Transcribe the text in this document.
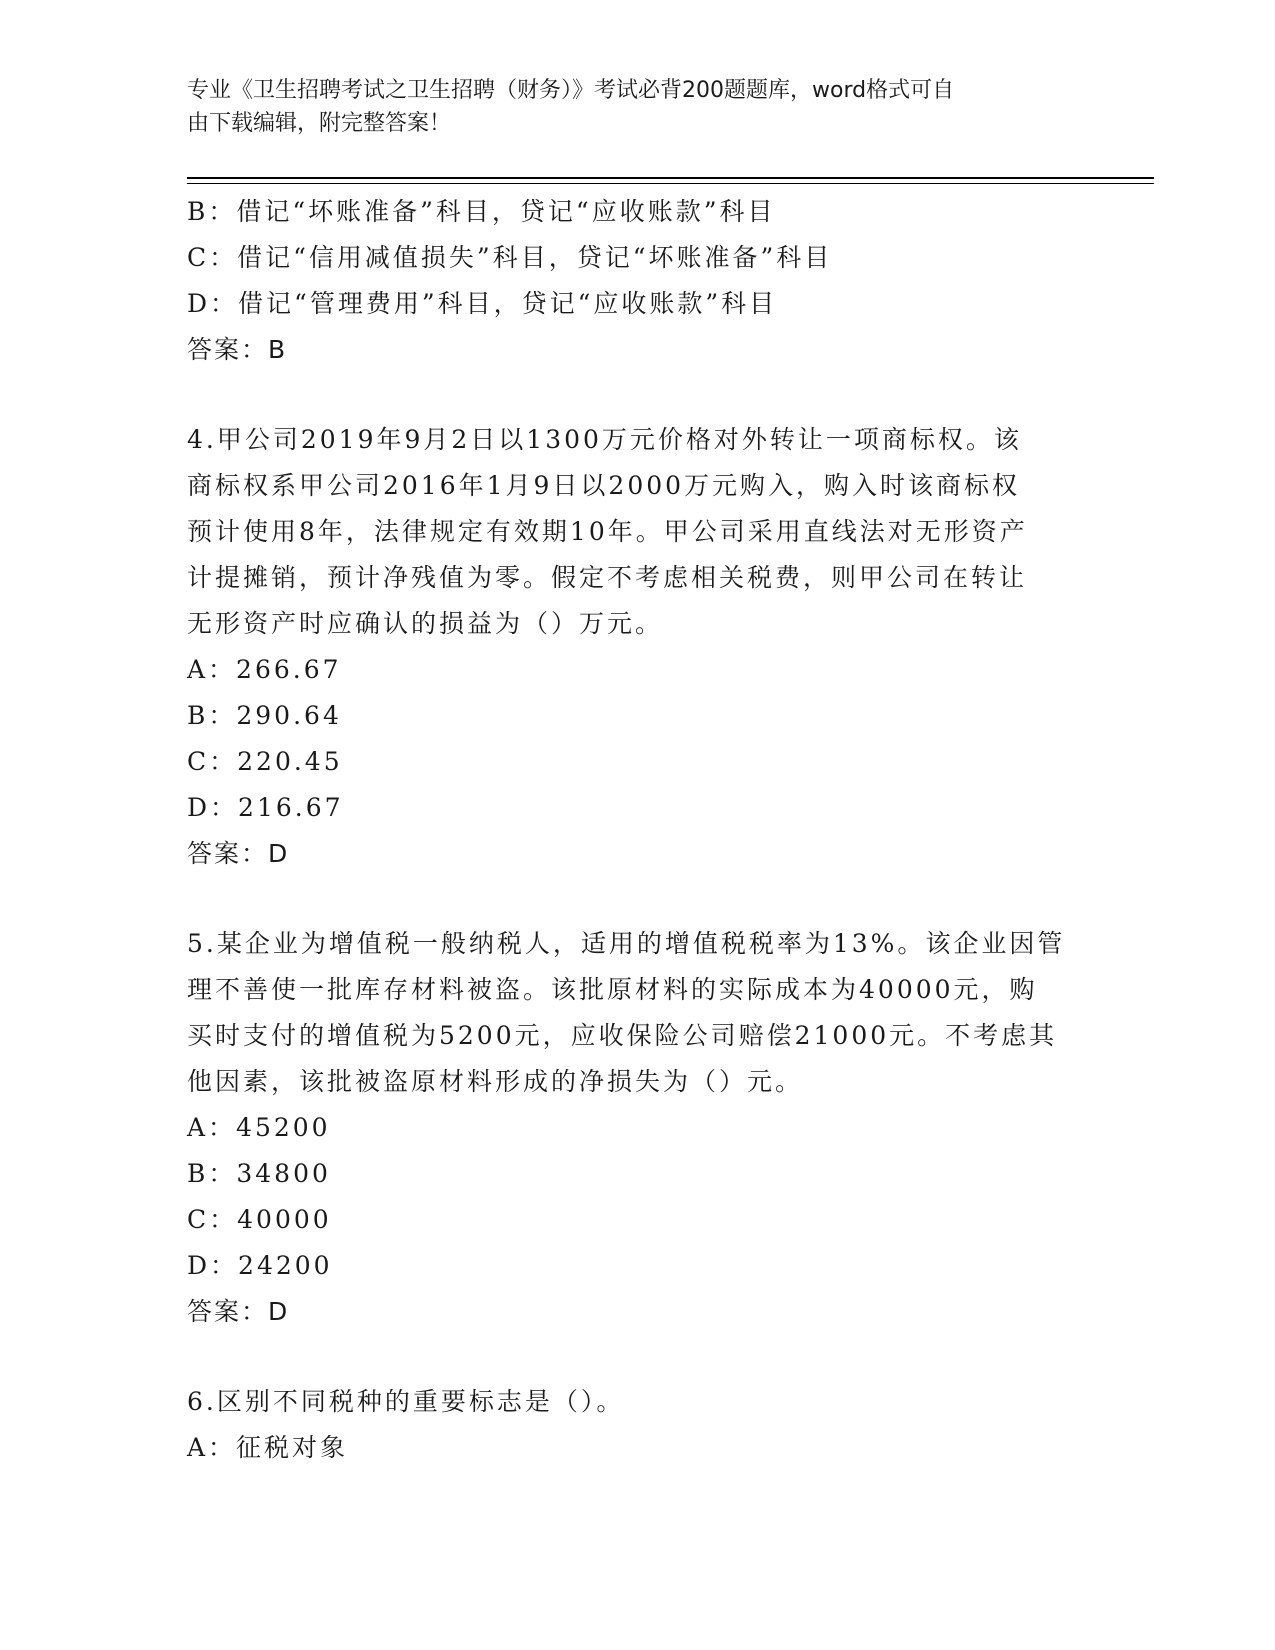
专业《卫生招聘考试之卫生招聘（财务）》考试必背200题题库，word格式可自
由下载编辑，附完整答案！
B：借记“坏账准备”科目，贷记“应收账款”科目
C：借记“信用减值损失”科目，贷记“坏账准备”科目
D：借记“管理费用”科目，贷记“应收账款”科目
答案：B
4.甲公司2019年9月2日以1300万元价格对外转让一项商标权。该
商标权系甲公司2016年1月9日以2000万元购入，购入时该商标权
预计使用8年，法律规定有效期10年。甲公司采用直线法对无形资产
计提摊销，预计净残值为零。假定不考虑相关税费，则甲公司在转让
无形资产时应确认的损益为（）万元。
A：266.67
B：290.64
C：220.45
D：216.67
答案：D
5.某企业为增值税一般纳税人，适用的增值税税率为13%。该企业因管
理不善使一批库存材料被盗。该批原材料的实际成本为40000元，购
买时支付的增值税为5200元，应收保险公司赔偿21000元。不考虑其
他因素，该批被盗原材料形成的净损失为（）元。
A：45200
B：34800
C：40000
D：24200
答案：D
6.区别不同税种的重要标志是（）。
A：征税对象
